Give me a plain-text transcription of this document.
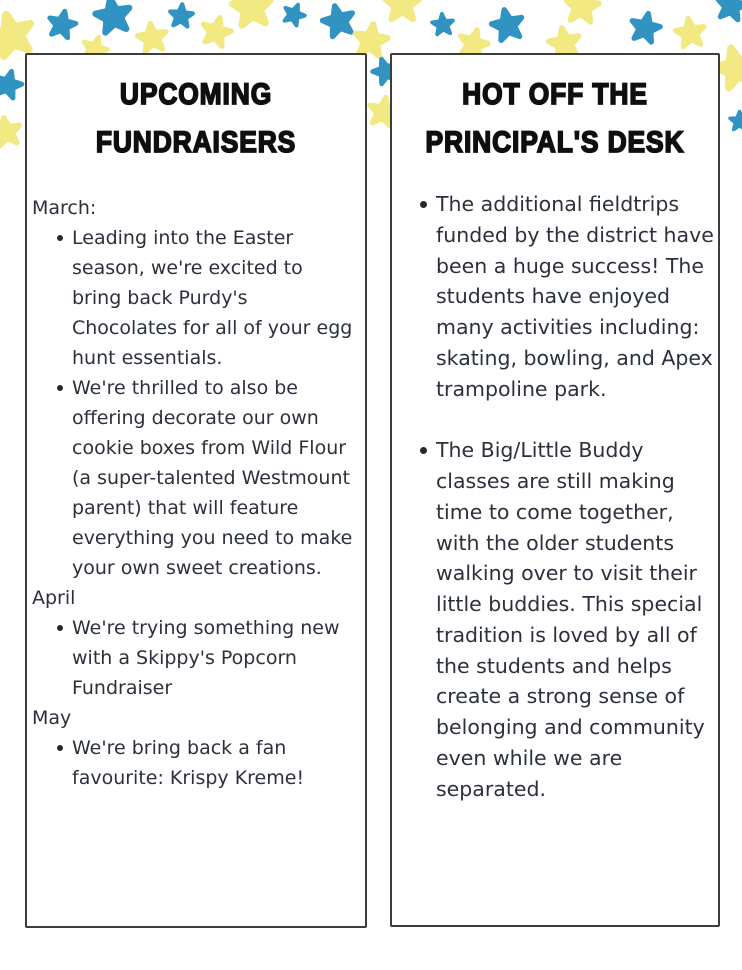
UPCOMING
FUNDRAISERS
March:
Leading into the Easter season, we're excited to bring back Purdy's Chocolates for all of your egg hunt essentials.
We're thrilled to also be offering decorate our own cookie boxes from Wild Flour (a super-talented Westmount parent) that will feature everything you need to make your own sweet creations.
April
We're trying something new with a Skippy's Popcorn Fundraiser
May
We're bring back a fan favourite: Krispy Kreme!
HOT OFF THE
PRINCIPAL'S DESK
The additional fieldtrips funded by the district have been a huge success! The students have enjoyed many activities including: skating, bowling, and Apex trampoline park.
The Big/Little Buddy classes are still making time to come together, with the older students walking over to visit their little buddies. This special tradition is loved by all of the students and helps create a strong sense of belonging and community even while we are separated.
